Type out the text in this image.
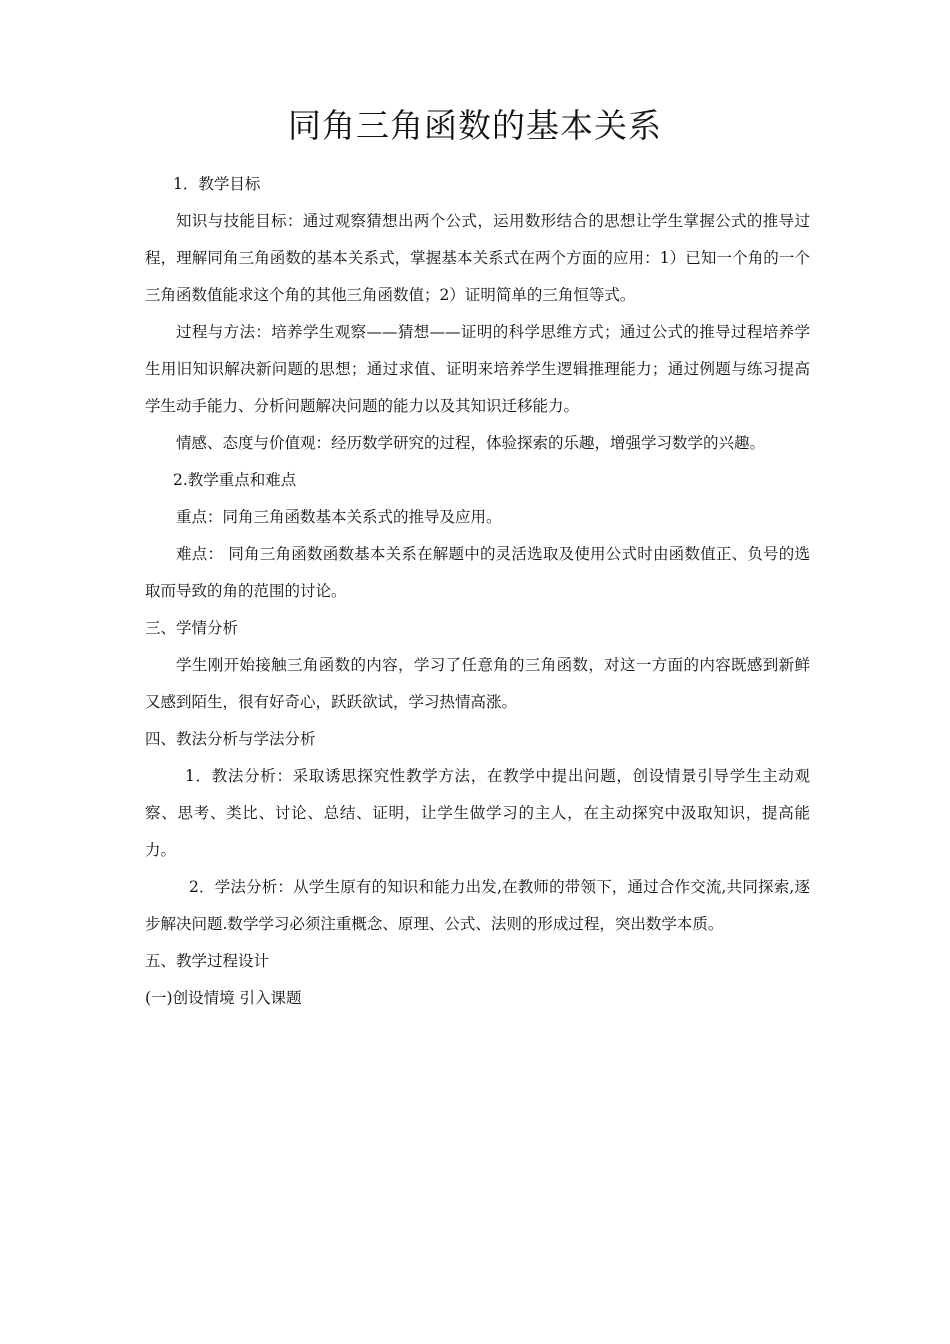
同角三角函数的基本关系

1．教学目标

知识与技能目标：通过观察猜想出两个公式，运用数形结合的思想让学生掌握公式的推导过程，理解同角三角函数的基本关系式，掌握基本关系式在两个方面的应用：1）已知一个角的一个三角函数值能求这个角的其他三角函数值；2）证明简单的三角恒等式。

过程与方法：培养学生观察——猜想——证明的科学思维方式；通过公式的推导过程培养学生用旧知识解决新问题的思想；通过求值、证明来培养学生逻辑推理能力；通过例题与练习提高学生动手能力、分析问题解决问题的能力以及其知识迁移能力。

情感、态度与价值观：经历数学研究的过程，体验探索的乐趣，增强学习数学的兴趣。

2.教学重点和难点

重点：同角三角函数基本关系式的推导及应用。

难点： 同角三角函数函数基本关系在解题中的灵活选取及使用公式时由函数值正、负号的选取而导致的角的范围的讨论。

三、学情分析

学生刚开始接触三角函数的内容，学习了任意角的三角函数，对这一方面的内容既感到新鲜又感到陌生，很有好奇心，跃跃欲试，学习热情高涨。

四、教法分析与学法分析

1．教法分析：采取诱思探究性教学方法，在教学中提出问题，创设情景引导学生主动观察、思考、类比、讨论、总结、证明，让学生做学习的主人，在主动探究中汲取知识，提高能力。

2．学法分析：从学生原有的知识和能力出发,在教师的带领下，通过合作交流,共同探索,逐步解决问题.数学学习必须注重概念、原理、公式、法则的形成过程，突出数学本质。

五、教学过程设计

(一)创设情境 引入课题
